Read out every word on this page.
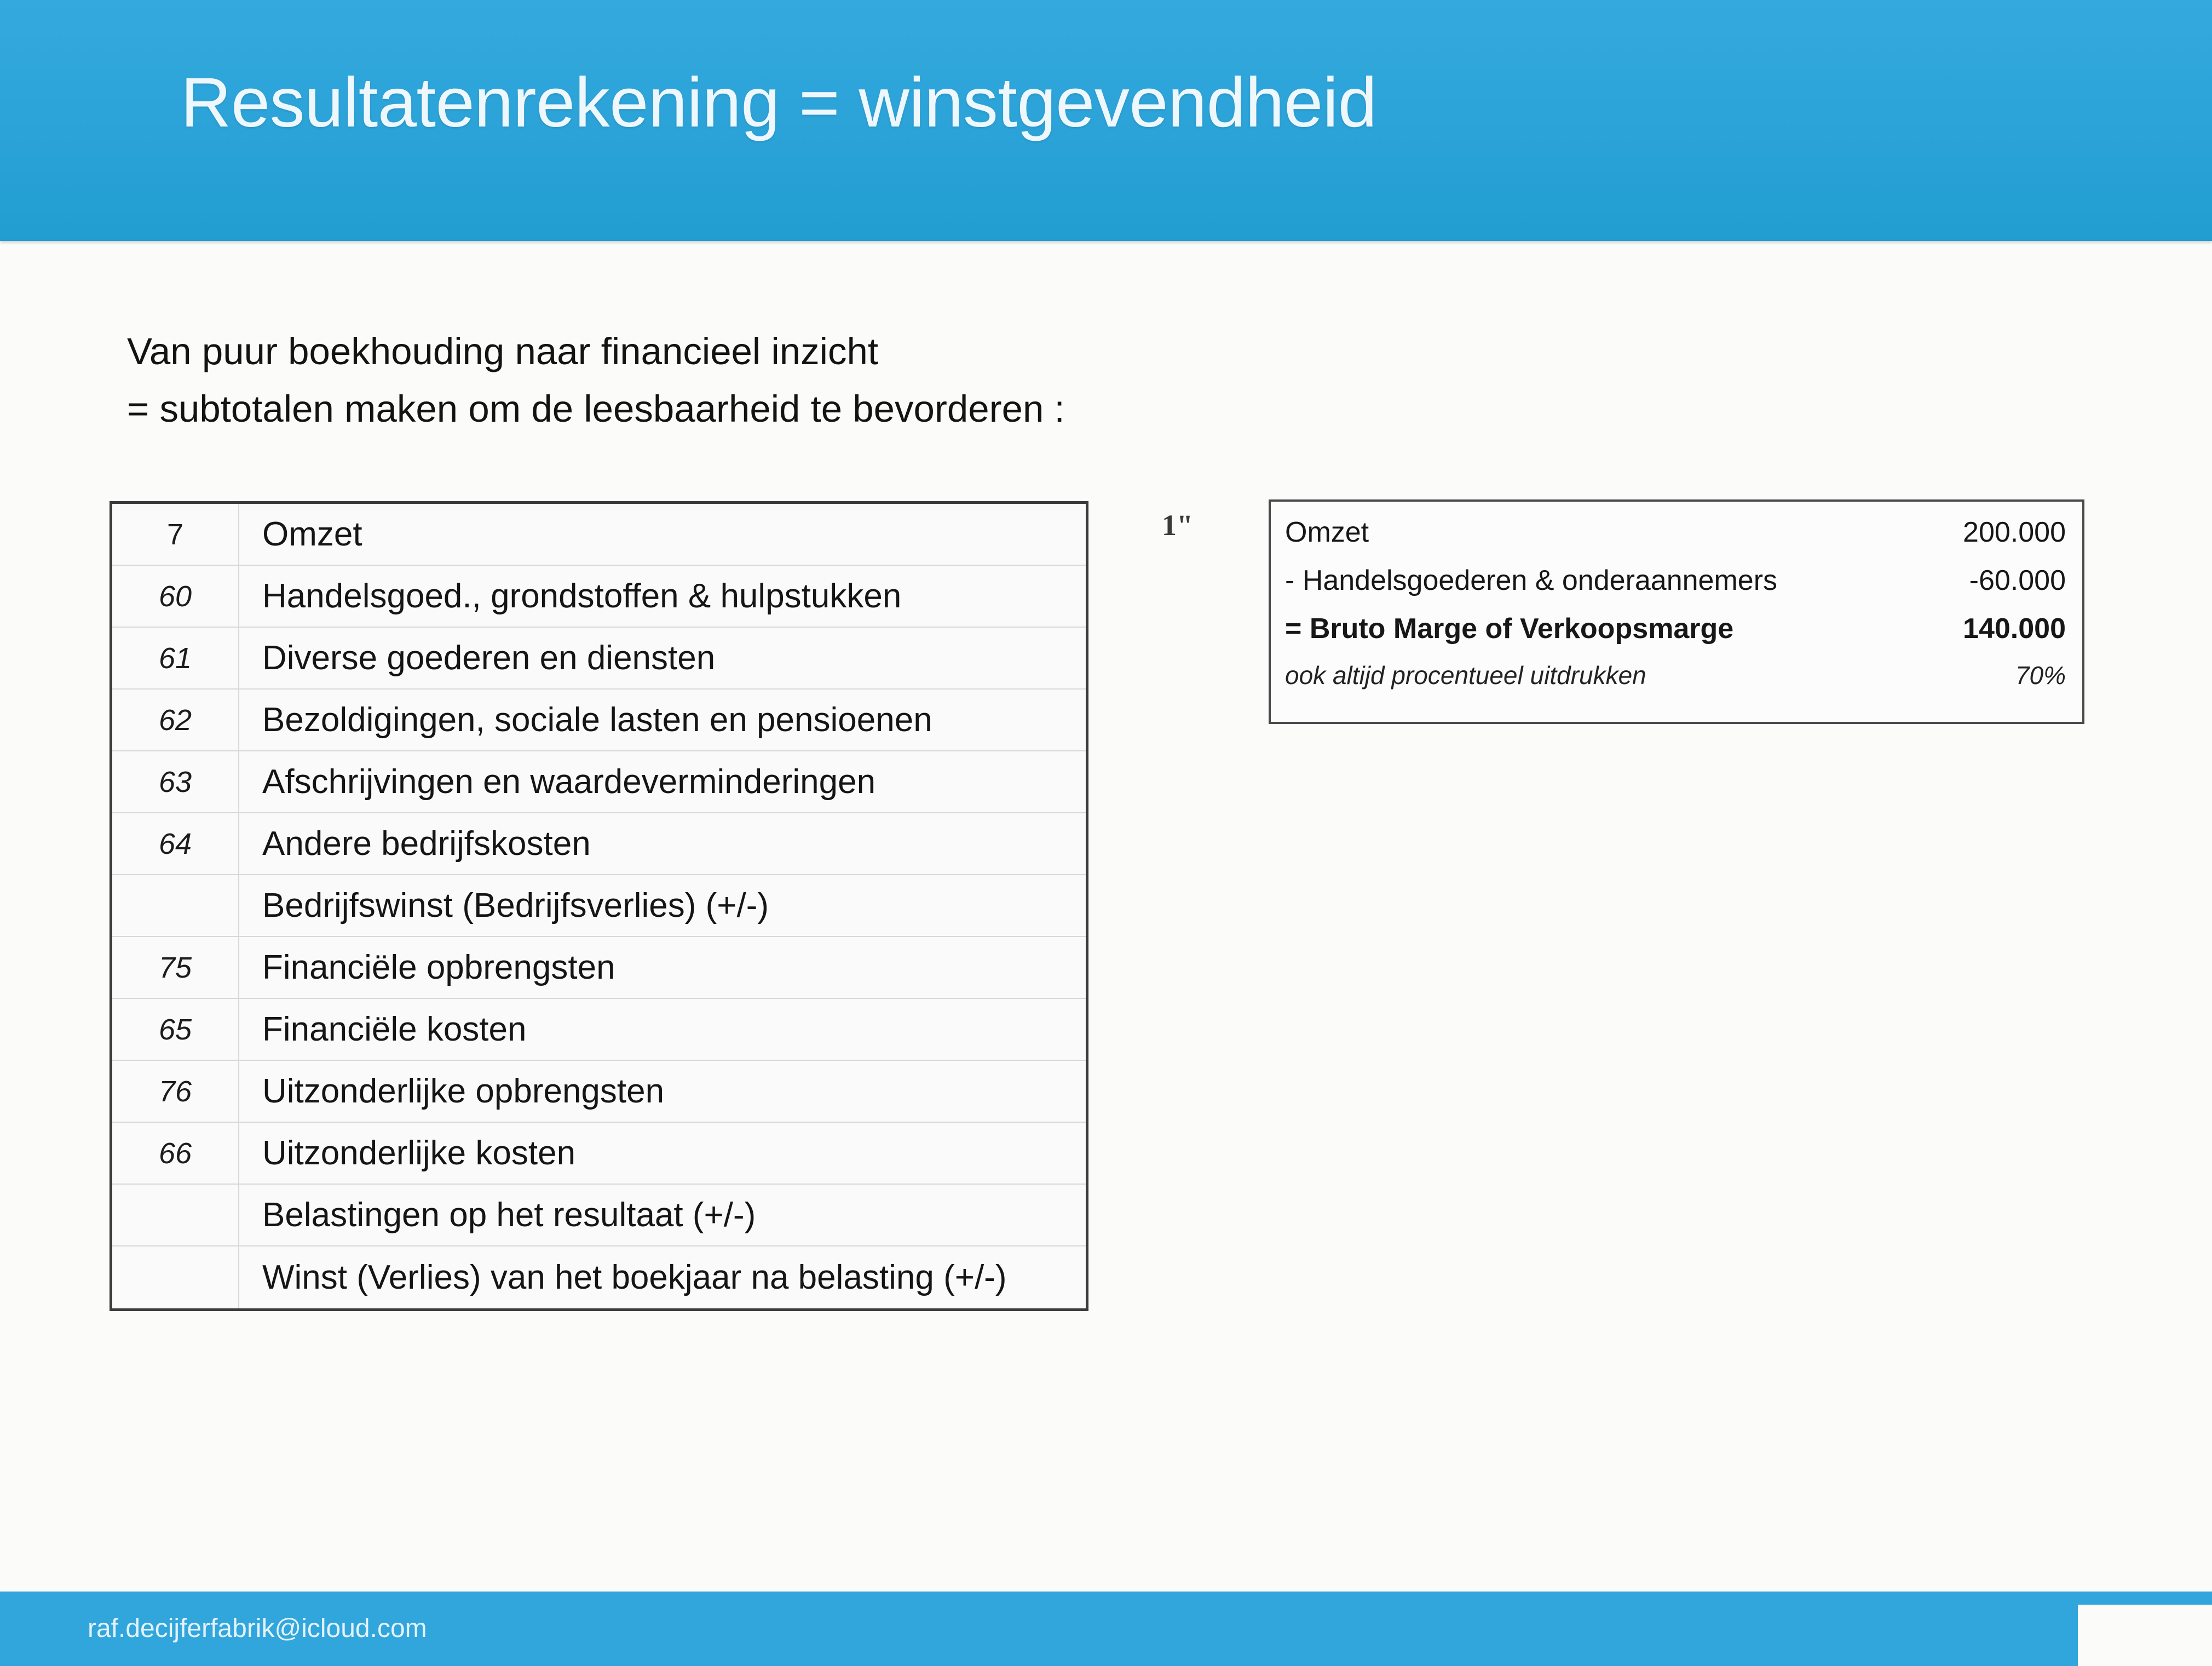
Resultatenrekening = winstgevendheid
Van puur boekhouding naar financieel inzicht
= subtotalen maken om de leesbaarheid te bevorderen :
7	Omzet
60	Handelsgoed., grondstoffen & hulpstukken
61	Diverse goederen en diensten
62	Bezoldigingen, sociale lasten en pensioenen
63	Afschrijvingen en waardeverminderingen
64	Andere bedrijfskosten
Bedrijfswinst (Bedrijfsverlies) (+/-)
75	Financiële opbrengsten
65	Financiële kosten
76	Uitzonderlijke opbrengsten
66	Uitzonderlijke kosten
Belastingen op het resultaat (+/-)
Winst (Verlies) van het boekjaar na belasting (+/-)
1"	Omzet	200.000
- Handelsgoederen & onderaannemers	-60.000
= Bruto Marge of Verkoopsmarge	140.000
ook altijd procentueel uitdrukken	70%
raf.decijferfabrik@icloud.com
